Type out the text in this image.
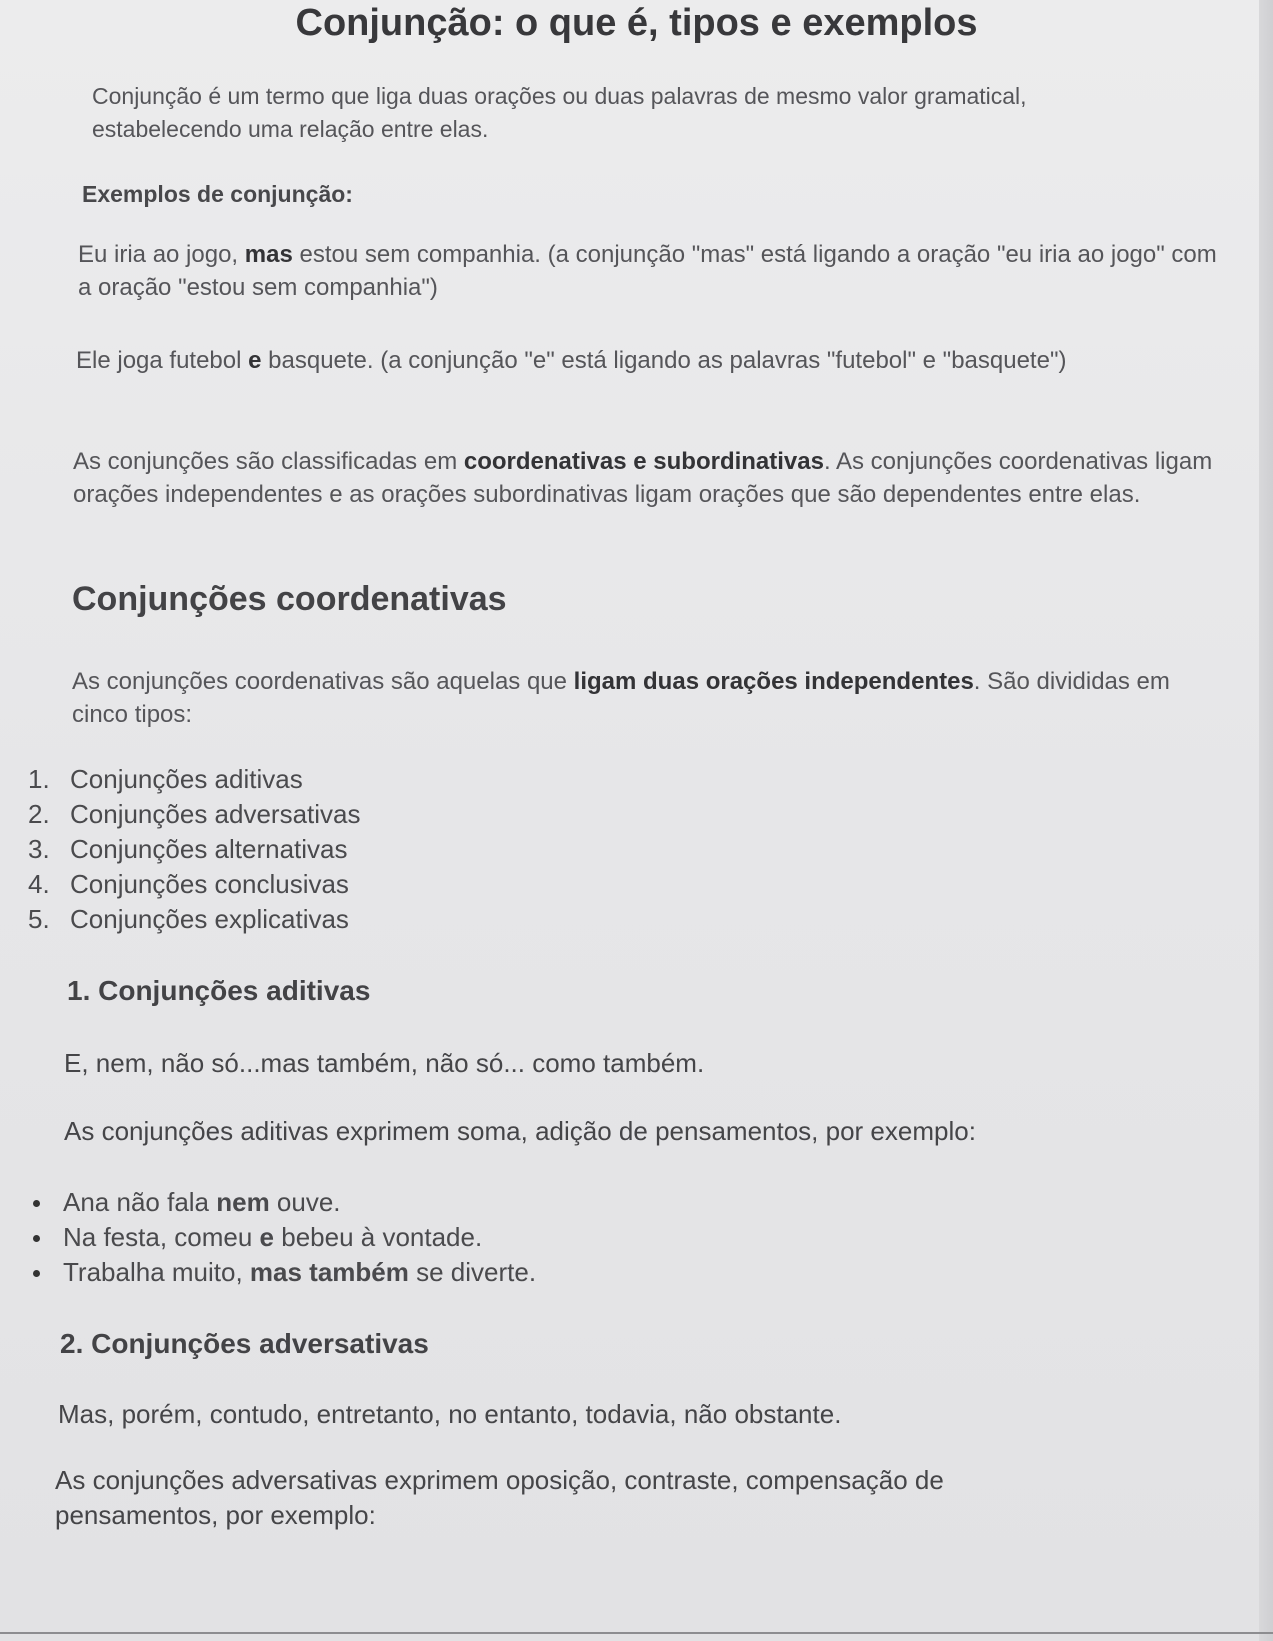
Conjunção: o que é, tipos e exemplos

Conjunção é um termo que liga duas orações ou duas palavras de mesmo valor gramatical, estabelecendo uma relação entre elas.

Exemplos de conjunção:

Eu iria ao jogo, mas estou sem companhia. (a conjunção "mas" está ligando a oração "eu iria ao jogo" com a oração "estou sem companhia")

Ele joga futebol e basquete. (a conjunção "e" está ligando as palavras "futebol" e "basquete")

As conjunções são classificadas em coordenativas e subordinativas. As conjunções coordenativas ligam orações independentes e as orações subordinativas ligam orações que são dependentes entre elas.

Conjunções coordenativas

As conjunções coordenativas são aquelas que ligam duas orações independentes. São divididas em cinco tipos:

1. Conjunções aditivas
2. Conjunções adversativas
3. Conjunções alternativas
4. Conjunções conclusivas
5. Conjunções explicativas
1. Conjunções aditivas

E, nem, não só...mas também, não só... como também.

As conjunções aditivas exprimem soma, adição de pensamentos, por exemplo:

Ana não fala nem ouve.
Na festa, comeu e bebeu à vontade.
Trabalha muito, mas também se diverte.
2. Conjunções adversativas

Mas, porém, contudo, entretanto, no entanto, todavia, não obstante.

As conjunções adversativas exprimem oposição, contraste, compensação de pensamentos, por exemplo:
